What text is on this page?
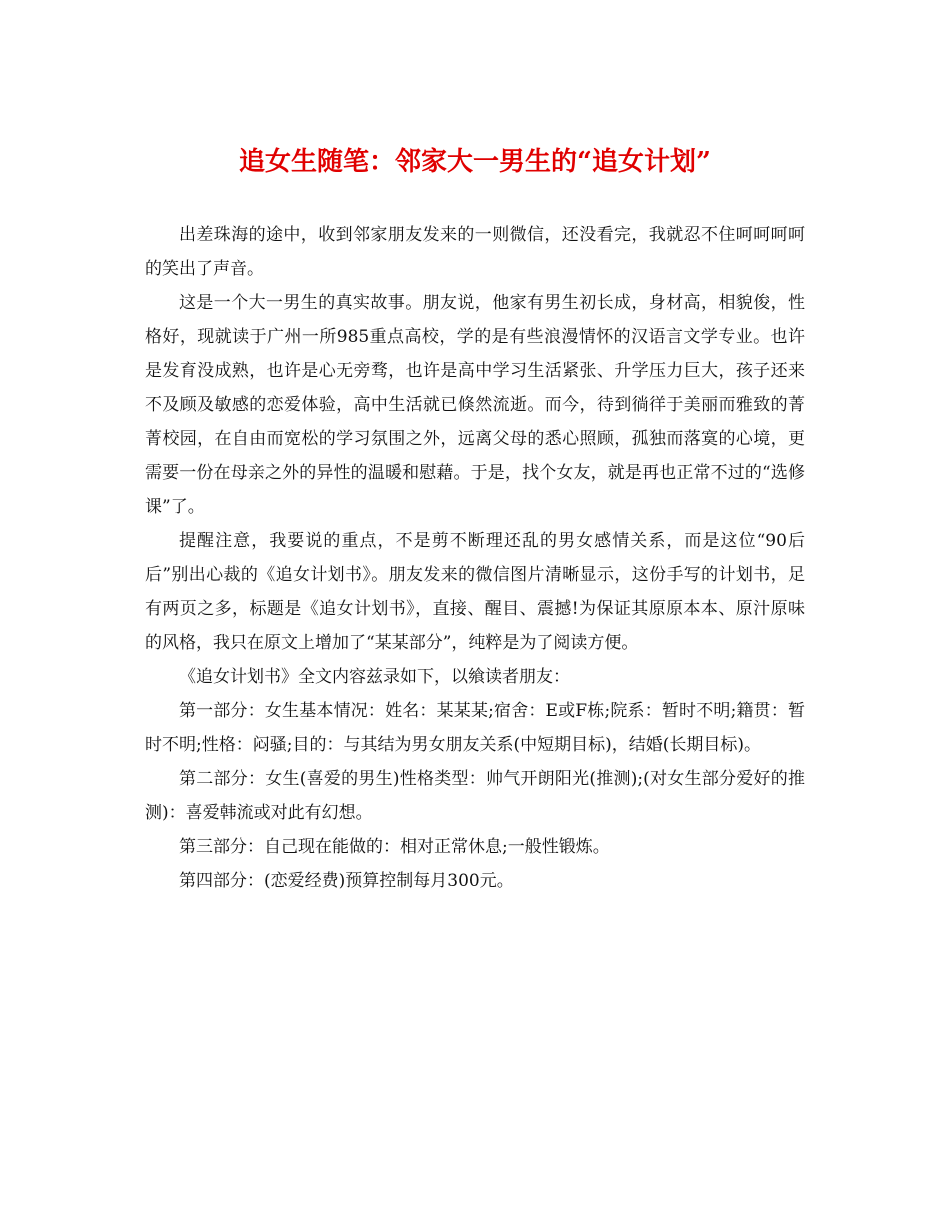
追女生随笔：邻家大一男生的“追女计划”

出差珠海的途中，收到邻家朋友发来的一则微信，还没看完，我就忍不住呵呵呵呵的笑出了声音。

这是一个大一男生的真实故事。朋友说，他家有男生初长成，身材高，相貌俊，性格好，现就读于广州一所985重点高校，学的是有些浪漫情怀的汉语言文学专业。也许是发育没成熟，也许是心无旁骛，也许是高中学习生活紧张、升学压力巨大，孩子还来不及顾及敏感的恋爱体验，高中生活就已倏然流逝。而今，待到徜徉于美丽而雅致的菁菁校园，在自由而宽松的学习氛围之外，远离父母的悉心照顾，孤独而落寞的心境，更需要一份在母亲之外的异性的温暖和慰藉。于是，找个女友，就是再也正常不过的“选修课”了。

提醒注意，我要说的重点，不是剪不断理还乱的男女感情关系，而是这位“90后后”别出心裁的《追女计划书》。朋友发来的微信图片清晰显示，这份手写的计划书，足有两页之多，标题是《追女计划书》，直接、醒目、震撼!为保证其原原本本、原汁原味的风格，我只在原文上增加了“某某部分”，纯粹是为了阅读方便。

《追女计划书》全文内容兹录如下，以飨读者朋友：

第一部分：女生基本情况：姓名：某某某;宿舍：E或F栋;院系：暂时不明;籍贯：暂时不明;性格：闷骚;目的：与其结为男女朋友关系(中短期目标)，结婚(长期目标)。

第二部分：女生(喜爱的男生)性格类型：帅气开朗阳光(推测);(对女生部分爱好的推测)：喜爱韩流或对此有幻想。

第三部分：自己现在能做的：相对正常休息;一般性锻炼。

第四部分：(恋爱经费)预算控制每月300元。
